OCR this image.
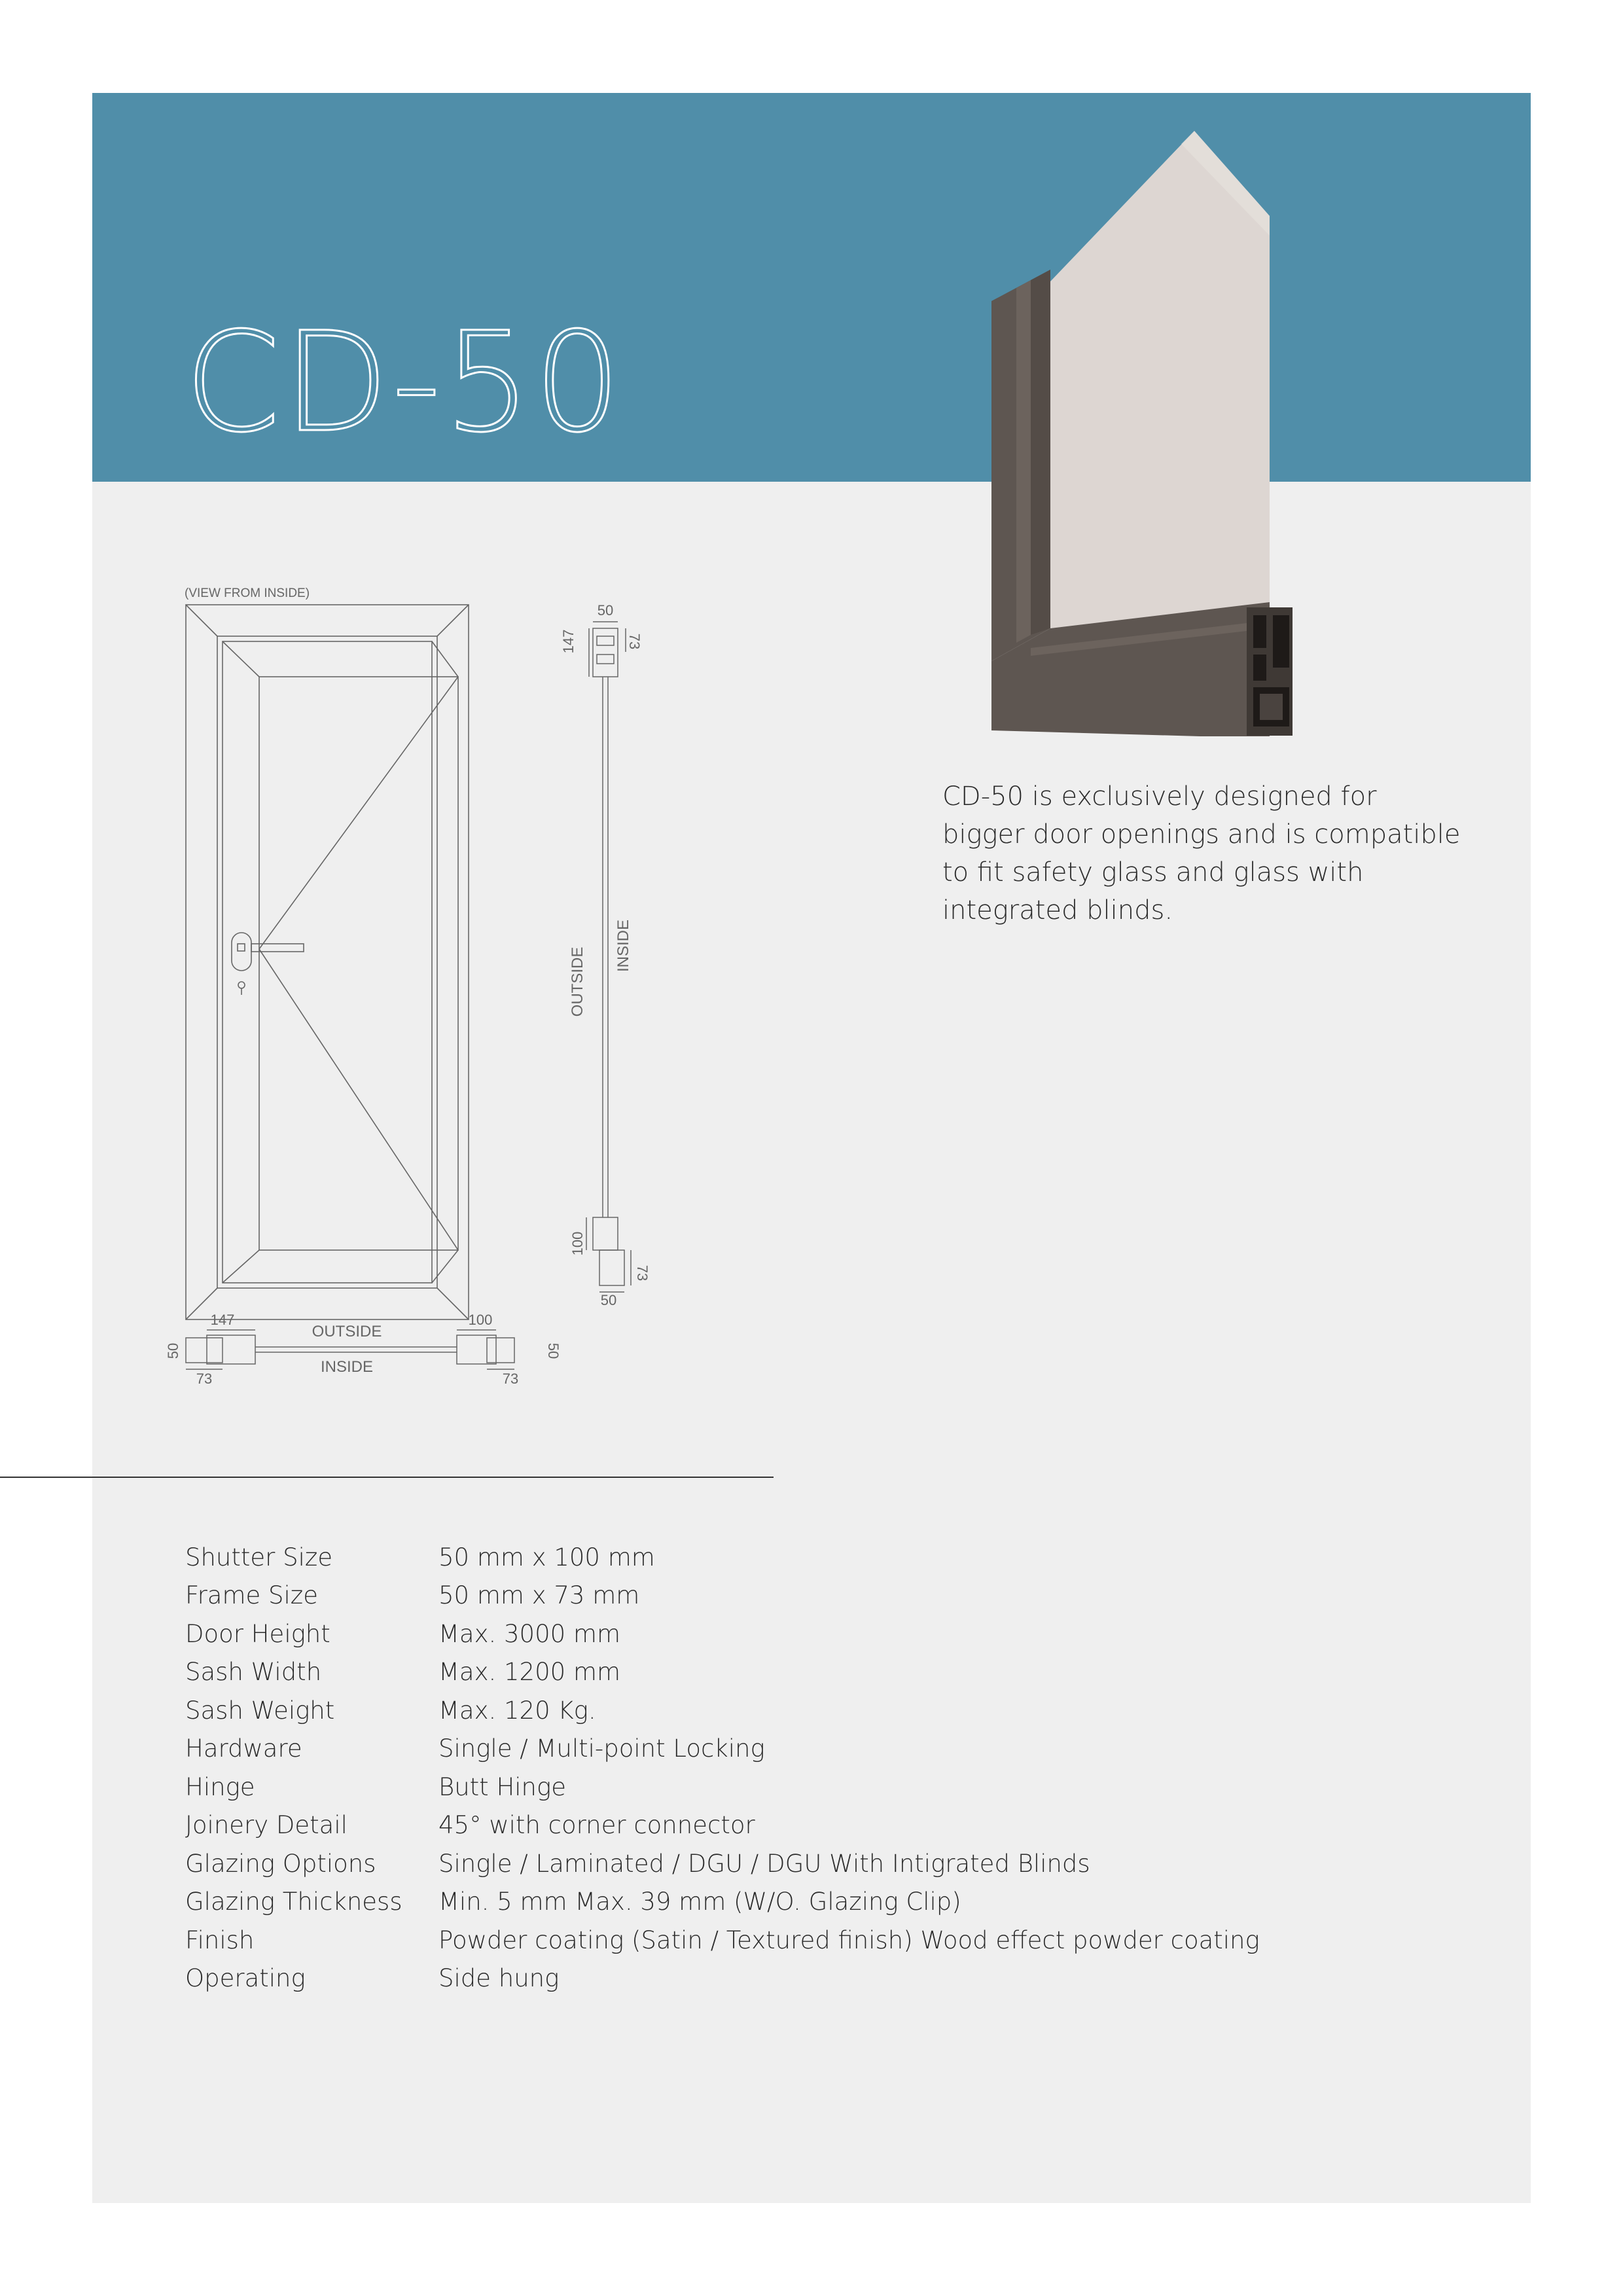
CD-50

CD-50 is exclusively designed for bigger door openings and is compatible to fit safety glass and glass with integrated blinds.

(VIEW FROM INSIDE)
50
73
147
OUTSIDE
INSIDE
100
73
50
147
50
73
OUTSIDE
INSIDE
100
50
73
Shutter Size	50 mm x 100 mm
Frame Size	50 mm x 73 mm
Door Height	Max. 3000 mm
Sash Width	Max. 1200 mm
Sash Weight	Max. 120 Kg.
Hardware	Single / Multi-point Locking
Hinge	Butt Hinge
Joinery Detail	45° with corner connector
Glazing Options	Single / Laminated / DGU / DGU With Intigrated Blinds
Glazing Thickness	Min. 5 mm Max. 39 mm (W/O. Glazing Clip)
Finish	Powder coating (Satin / Textured finish) Wood effect powder coating
Operating	Side hung
